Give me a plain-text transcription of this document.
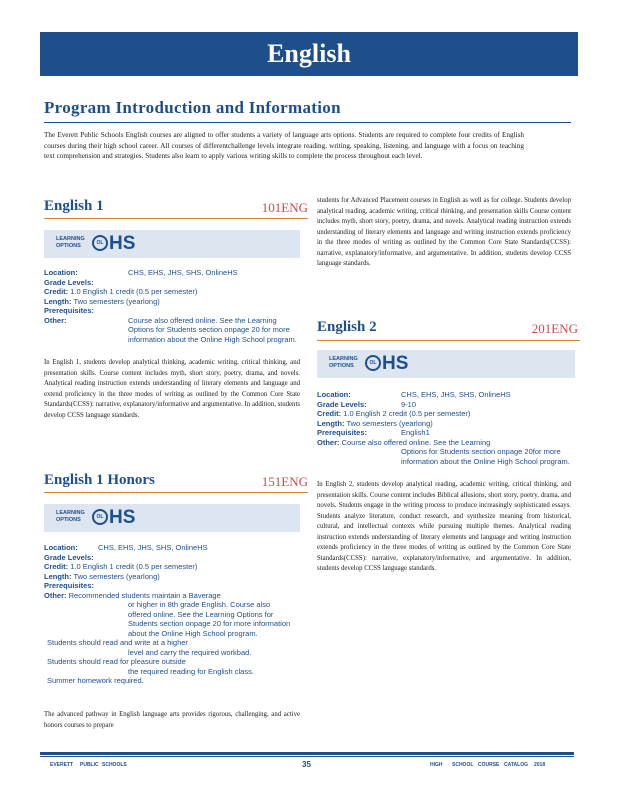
English
Program Introduction and Information
The Everett Public Schools English courses are aligned to offer students a variety of language arts options. Students are required to complete four credits of English courses during their high school career. All courses of differentchallenge levels integrate reading, writing, speaking, listening, and language with a focus on teaching text comprehension and strategies. Students also learn to apply various writing skills to complete the process throughout each level.
English 1	101ENG
LEARNING OPTIONS	OL HS
Location:	CHS, EHS, JHS, SHS, OnlineHS
Grade Levels:
Credit: 1.0 English 1 credit (0.5 per semester)
Length: Two semesters (yearlong)
Prerequisites:
Other:	Course also offered online. See the Learning
Options for Students section onpage 20 for more
information about the Online High School program.
In English 1, students develop analytical thinking, academic writing, critical thinking, and presentation skills. Course content includes myth, short story, poetry, drama, and novels. Analytical reading instruction extends understanding of literary elements and language and extend proficiency in the three modes of writing as outlined by the Common Core State Standards(CCSS): narrative, explanatory/informative and argumentative. In addition, students develop CCSS language standards.
English 1 Honors	151ENG
LEARNING OPTIONS	OL HS
Location:	CHS, EHS, JHS, SHS, OnlineHS
Grade Levels:
Credit: 1.0 English 1 credit (0.5 per semester)
Length: Two semesters (yearlong)
Prerequisites:
Other: Recommended students maintain a Baverage
or higher in 8th grade English. Course also
offered online. See the Learning Options for
Students section onpage 20 for more information
about the Online High School program.
Students should read and write at a higher
level and carry the required workbad.
Students should read for pleasure outside
the required reading for English class.
Summer homework required.
The advanced pathway in English language arts provides rigorous, challenging, and active honors courses to prepare
students for Advanced Placement courses in English as well as for college. Students develop analytical reading, academic writing, critical thinking, and presentation skills Course content includes myth, short story, poetry, drama, and novels. Analytical reading instruction extends understanding of literary elements and language and writing instruction extends proficiency in the three modes of writing as outlined by the Common Core State Standards(CCSS): narrative, explanatory/informative, and argumentative. In addition, students develop CCSS language standards.
English 2	201ENG
LEARNING OPTIONS	OL HS
Location:	CHS, EHS, JHS, SHS, OnlineHS
Grade Levels:	9-10
Credit: 1.0 English 2 credit (0.5 per semester)
Length: Two semesters (yearlong)
Prerequisites:	English1
Other: Course also offered online. See the Learning
Options for Students section onpage 20for more
information about the Online High School program.
In English 2, students develop analytical reading, academic writing, critical thinking, and presentation skills. Course content includes Biblical allusions, short story, poetry, drama, and novels. Students engage in the writing process to produce increasingly sophisticated essays. Students analyze literature, conduct research, and synthesize meaning from historical, cultural, and intellectual contexts while pursuing multiple themes. Analytical reading instruction extends understanding of literary elements and language and writing instruction extends proficiency in the three modes of writing as outlined by the Common Core State Standards(CCSS): narrative, explanatory/informative, and argumentative. In addition, students develop CCSS language standards.
EVERETT PUBLIC SCHOOLS	35	HIGH SCHOOL COURSE CATALOG 2018
